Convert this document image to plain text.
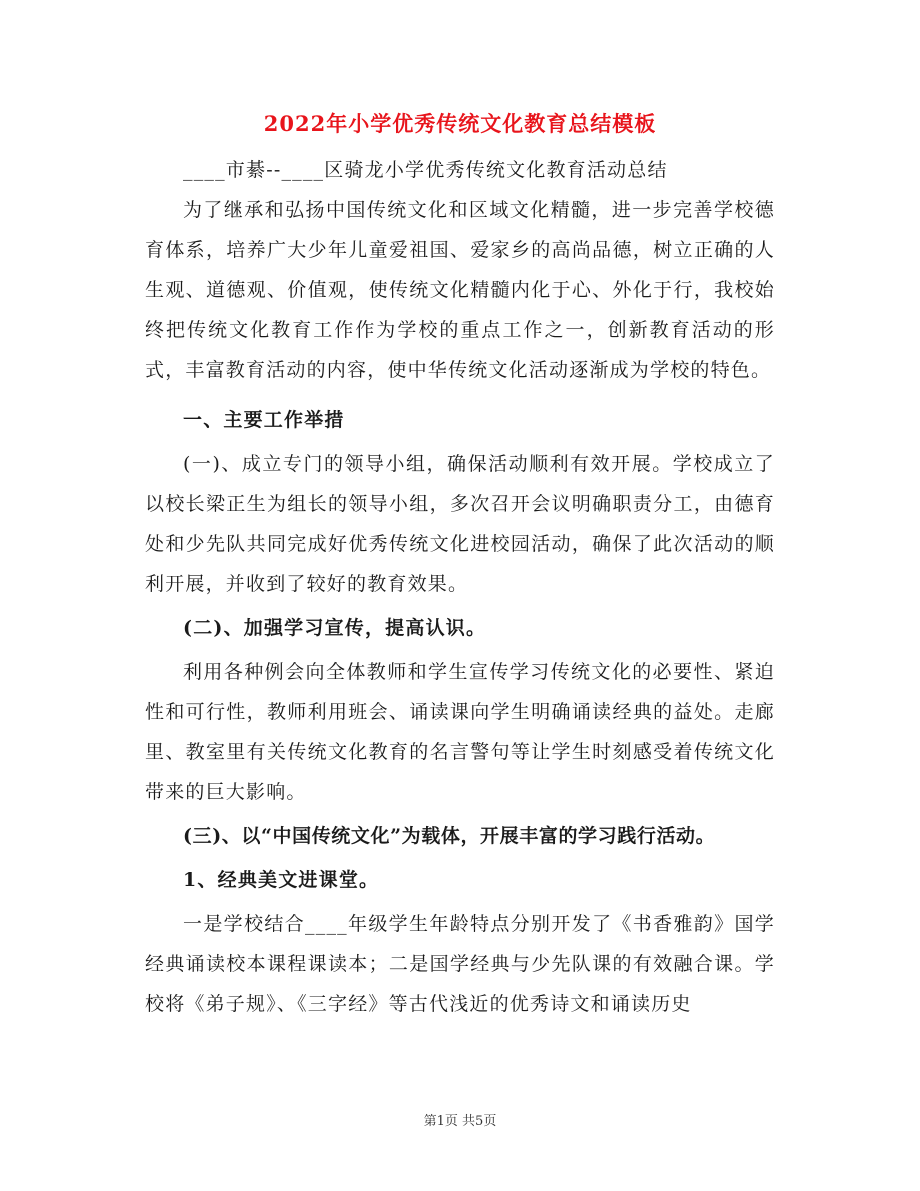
2022年小学优秀传统文化教育总结模板

____市綦--____区骑龙小学优秀传统文化教育活动总结

为了继承和弘扬中国传统文化和区域文化精髓，进一步完善学校德育体系，培养广大少年儿童爱祖国、爱家乡的高尚品德，树立正确的人生观、道德观、价值观，使传统文化精髓内化于心、外化于行，我校始终把传统文化教育工作作为学校的重点工作之一，创新教育活动的形式，丰富教育活动的内容，使中华传统文化活动逐渐成为学校的特色。

一、主要工作举措

(一)、成立专门的领导小组，确保活动顺利有效开展。学校成立了以校长梁正生为组长的领导小组，多次召开会议明确职责分工，由德育处和少先队共同完成好优秀传统文化进校园活动，确保了此次活动的顺利开展，并收到了较好的教育效果。

(二)、加强学习宣传，提高认识。

利用各种例会向全体教师和学生宣传学习传统文化的必要性、紧迫性和可行性，教师利用班会、诵读课向学生明确诵读经典的益处。走廊里、教室里有关传统文化教育的名言警句等让学生时刻感受着传统文化带来的巨大影响。

(三)、以“中国传统文化”为载体，开展丰富的学习践行活动。

1、经典美文进课堂。

一是学校结合____年级学生年龄特点分别开发了《书香雅韵》国学经典诵读校本课程课读本；二是国学经典与少先队课的有效融合课。学校将《弟子规》、《三字经》等古代浅近的优秀诗文和诵读历史

第1页 共5页
